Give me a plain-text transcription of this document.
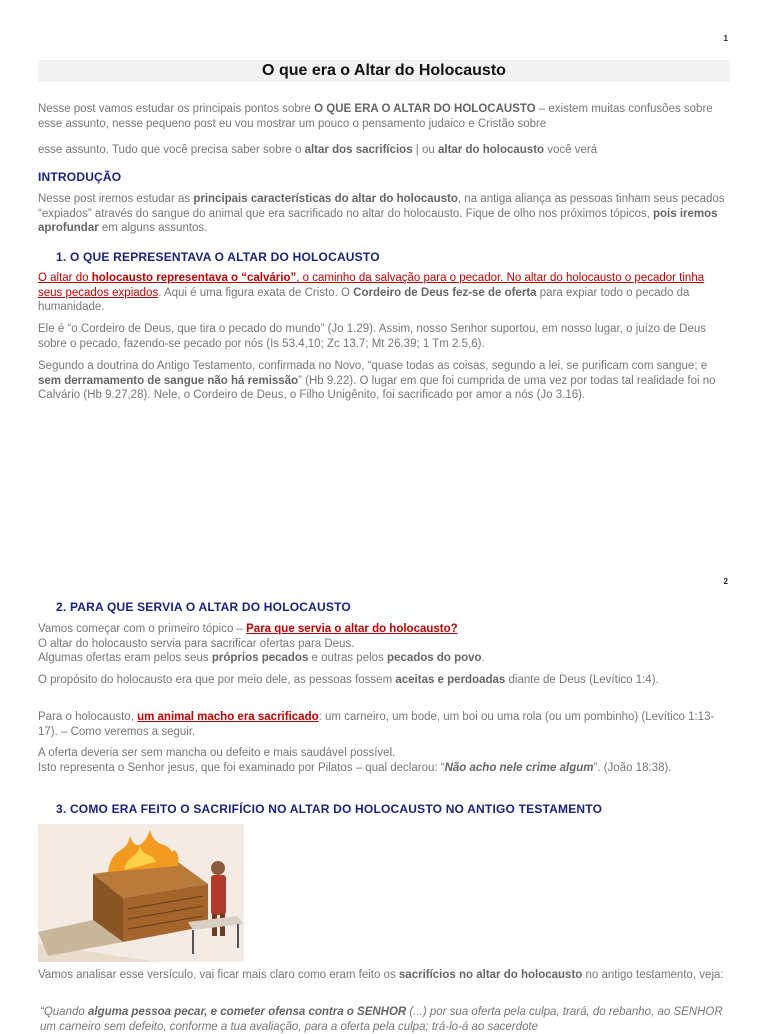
1
O que era o Altar do Holocausto
Nesse post vamos estudar os principais pontos sobre O QUE ERA O ALTAR DO HOLOCAUSTO – existem muitas confusões sobre esse assunto, nesse pequeno post eu vou mostrar um pouco o pensamento judaico e Cristão sobre
esse assunto. Tudo que você precisa saber sobre o altar dos sacrifícios | ou altar do holocausto você verá
INTRODUÇÃO
Nesse post iremos estudar as principais características do altar do holocausto, na antiga aliança as pessoas tinham seus pecados “expiados” através do sangue do animal que era sacrificado no altar do holocausto. Fique de olho nos próximos tópicos, pois iremos aprofundar em alguns assuntos.
1. O QUE REPRESENTAVA O ALTAR DO HOLOCAUSTO
O altar do holocausto representava o “calvário”, o caminho da salvação para o pecador. No altar do holocausto o pecador tinha seus pecados expiados. Aqui é uma figura exata de Cristo. O Cordeiro de Deus fez-se de oferta para expiar todo o pecado da humanidade.
Ele é “o Cordeiro de Deus, que tira o pecado do mundo” (Jo 1.29). Assim, nosso Senhor suportou, em nosso lugar, o juízo de Deus sobre o pecado, fazendo-se pecado por nós (Is 53.4,10; Zc 13.7; Mt 26.39; 1 Tm 2.5,6).
Segundo a doutrina do Antigo Testamento, confirmada no Novo, “quase todas as coisas, segundo a lei, se purificam com sangue; e sem derramamento de sangue não há remissão” (Hb 9.22). O lugar em que foi cumprida de uma vez por todas tal realidade foi no Calvário (Hb 9.27,28). Nele, o Cordeiro de Deus, o Filho Unigênito, foi sacrificado por amor a nós (Jo 3.16).
2
2. PARA QUE SERVIA O ALTAR DO HOLOCAUSTO
Vamos começar com o primeiro tópico – Para que servia o altar do holocausto?
O altar do holocausto servia para sacrificar ofertas para Deus.
Algumas ofertas eram pelos seus próprios pecados e outras pelos pecados do povo.
O propósito do holocausto era que por meio dele, as pessoas fossem aceitas e perdoadas diante de Deus (Levítico 1:4).
Para o holocausto, um animal macho era sacrificado: um carneiro, um bode, um boi ou uma rola (ou um pombinho) (Levítico 1:13-17). – Como veremos a seguir.
A oferta deveria ser sem mancha ou defeito e mais saudável possível.
Isto representa o Senhor jesus, que foi examinado por Pilatos – qual declarou: “Não acho nele crime algum”. (João 18:38).
3. COMO ERA FEITO O SACRIFÍCIO NO ALTAR DO HOLOCAUSTO NO ANTIGO TESTAMENTO
Vamos analisar esse versículo, vai ficar mais claro como eram feito os sacrifícios no altar do holocausto no antigo testamento, veja:
“Quando alguma pessoa pecar, e cometer ofensa contra o SENHOR (...) por sua oferta pela culpa, trará, do rebanho, ao SENHOR um carneiro sem defeito, conforme a tua avaliação, para a oferta pela culpa; trá-lo-á ao sacerdote
